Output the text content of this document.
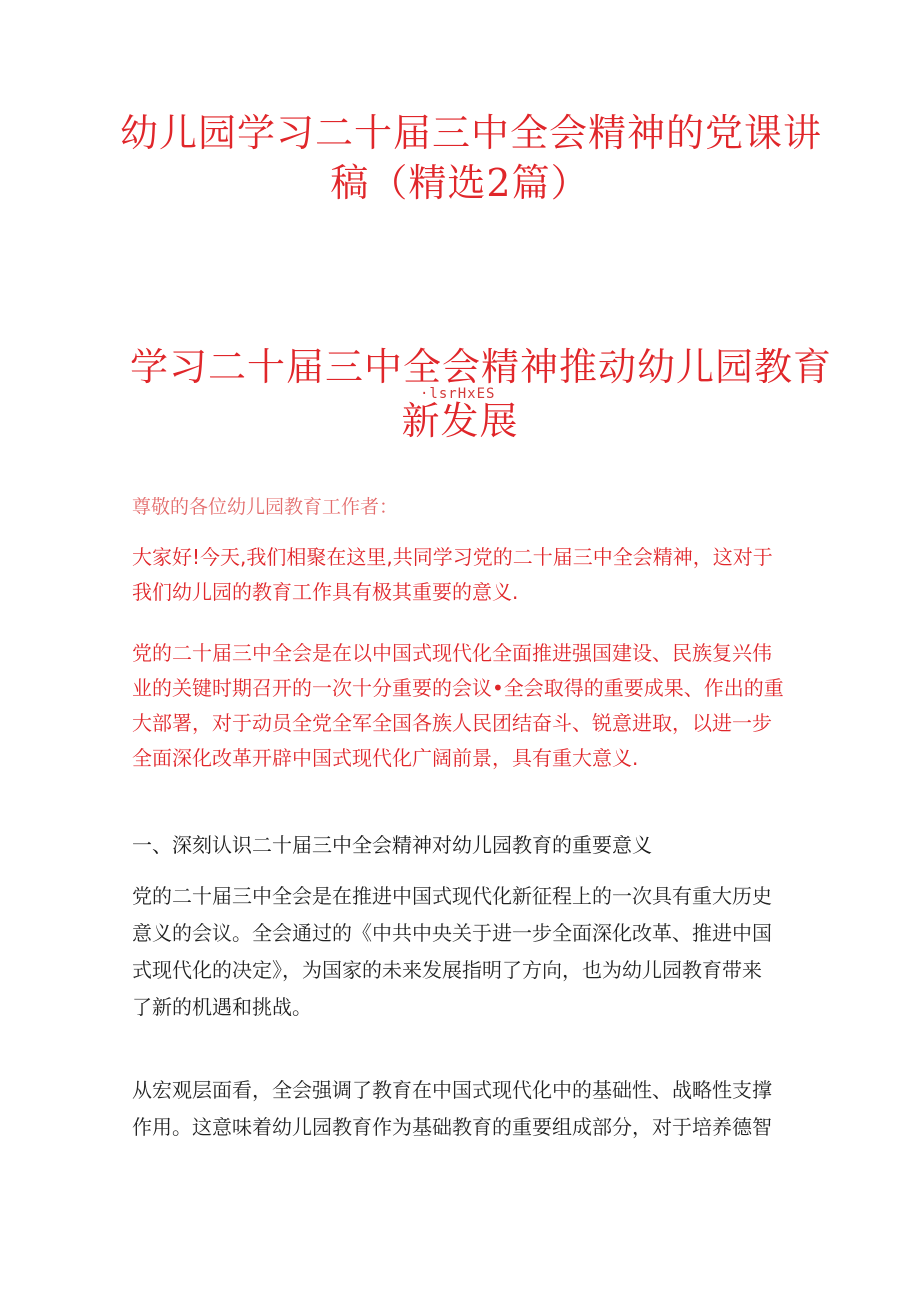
幼儿园学习二十届三中全会精神的党课讲
稿（精选2篇）
学习二十届三中全会精神推动幼儿园教育
新发展
·lsrHxES
尊敬的各位幼儿园教育工作者：

大家好!今天,我们相聚在这里,共同学习党的二十届三中全会精神，这对于
我们幼儿园的教育工作具有极其重要的意义.

党的二十届三中全会是在以中国式现代化全面推进强国建设、民族复兴伟
业的关键时期召开的一次十分重要的会议•全会取得的重要成果、作出的重
大部署，对于动员全党全军全国各族人民团结奋斗、锐意进取，以进一步
全面深化改革开辟中国式现代化广阔前景，具有重大意义.

一、深刻认识二十届三中全会精神对幼儿园教育的重要意义

党的二十届三中全会是在推进中国式现代化新征程上的一次具有重大历史
意义的会议。全会通过的《中共中央关于进一步全面深化改革、推进中国
式现代化的决定》，为国家的未来发展指明了方向，也为幼儿园教育带来
了新的机遇和挑战。

从宏观层面看，全会强调了教育在中国式现代化中的基础性、战略性支撑
作用。这意味着幼儿园教育作为基础教育的重要组成部分，对于培养德智
